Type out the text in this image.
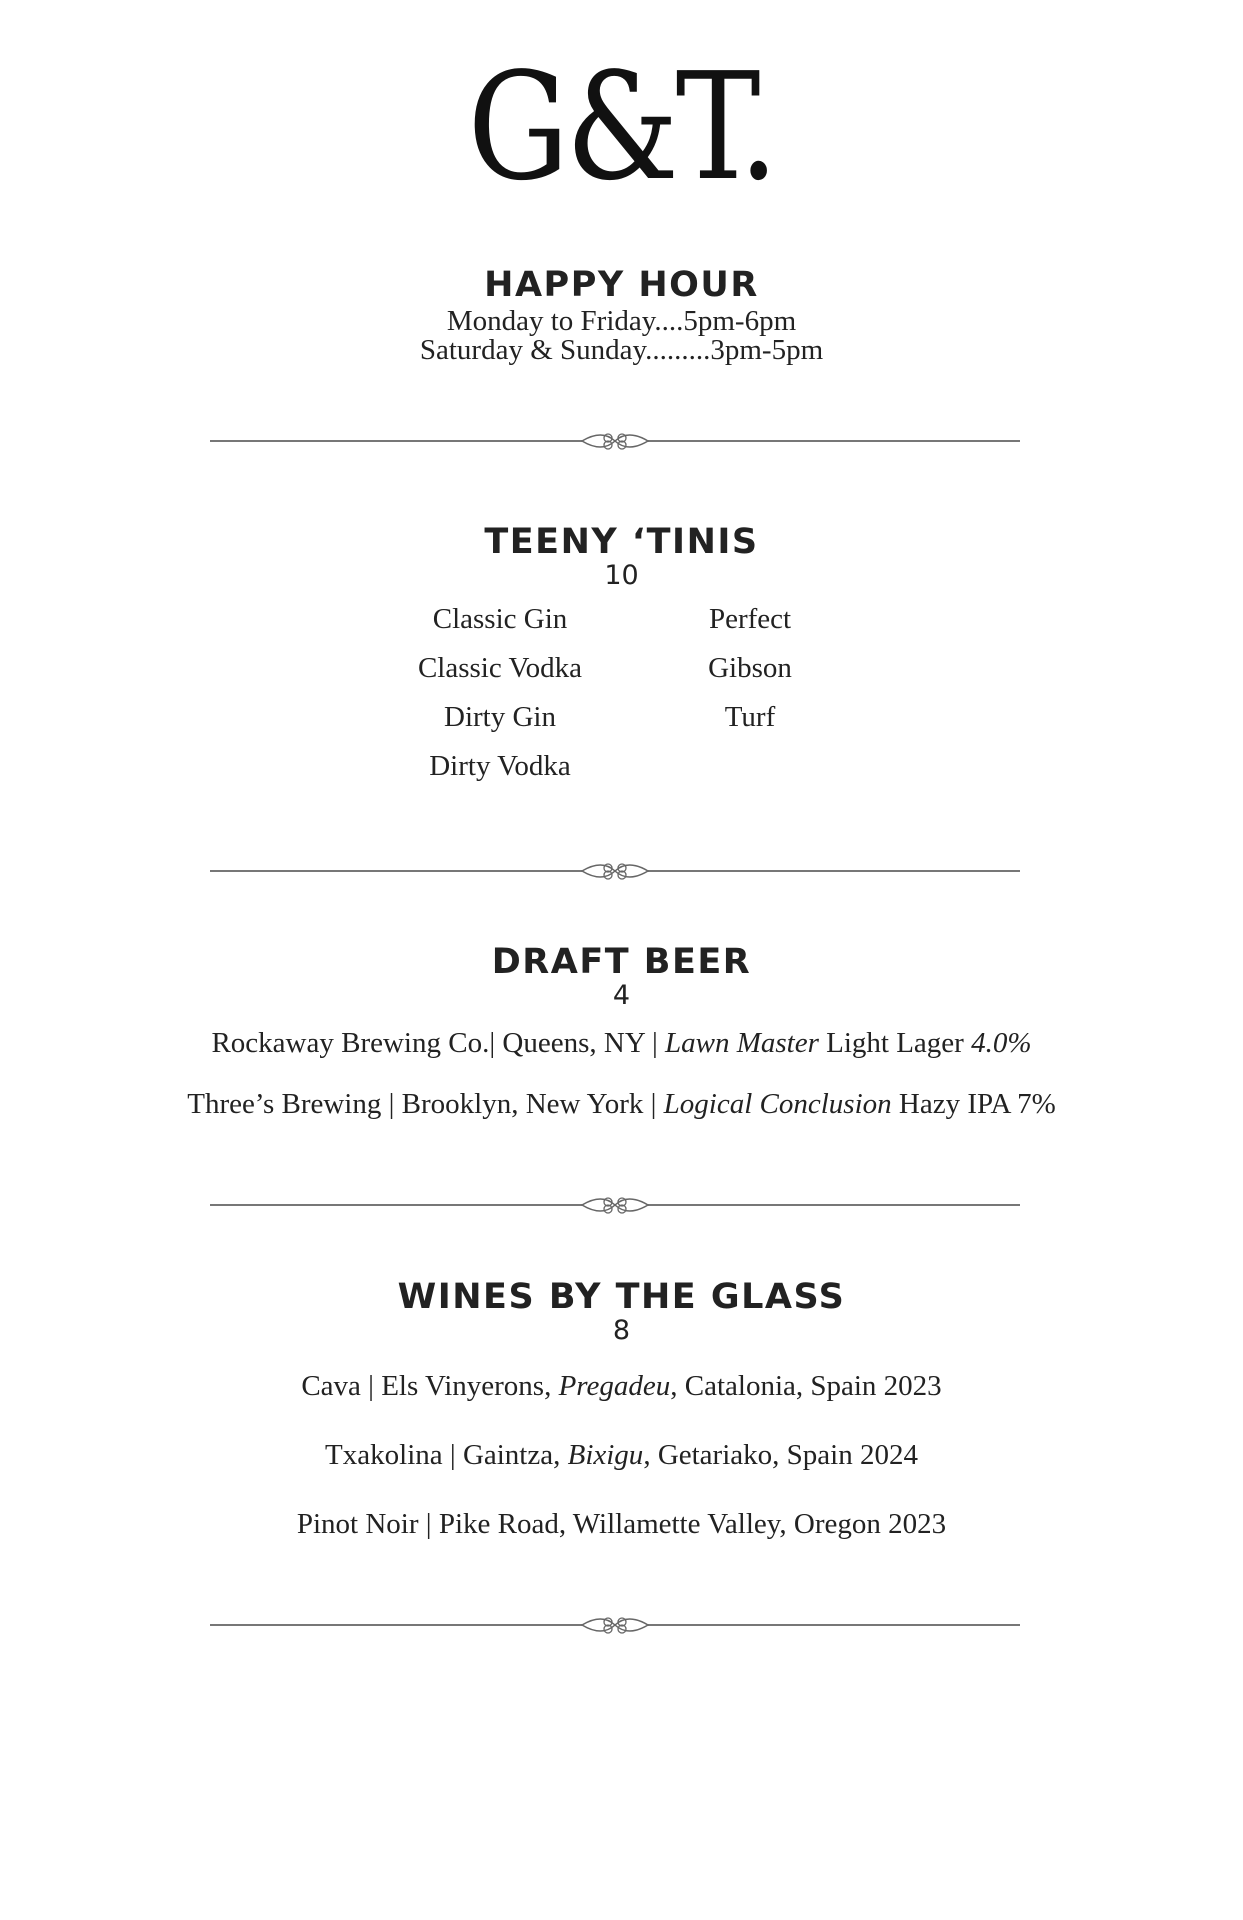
G&T.
HAPPY HOUR
Monday to Friday....5pm-6pm
Saturday & Sunday.........3pm-5pm
TEENY ‘TINIS
10
Classic Gin
Classic Vodka
Dirty Gin
Dirty Vodka
Perfect
Gibson
Turf
DRAFT BEER
4
Rockaway Brewing Co.| Queens, NY | Lawn Master Light Lager 4.0%
Three’s Brewing | Brooklyn, New York | Logical Conclusion Hazy IPA 7%
WINES BY THE GLASS
8
Cava | Els Vinyerons, Pregadeu, Catalonia, Spain 2023
Txakolina | Gaintza, Bixigu, Getariako, Spain 2024
Pinot Noir | Pike Road, Willamette Valley, Oregon 2023
